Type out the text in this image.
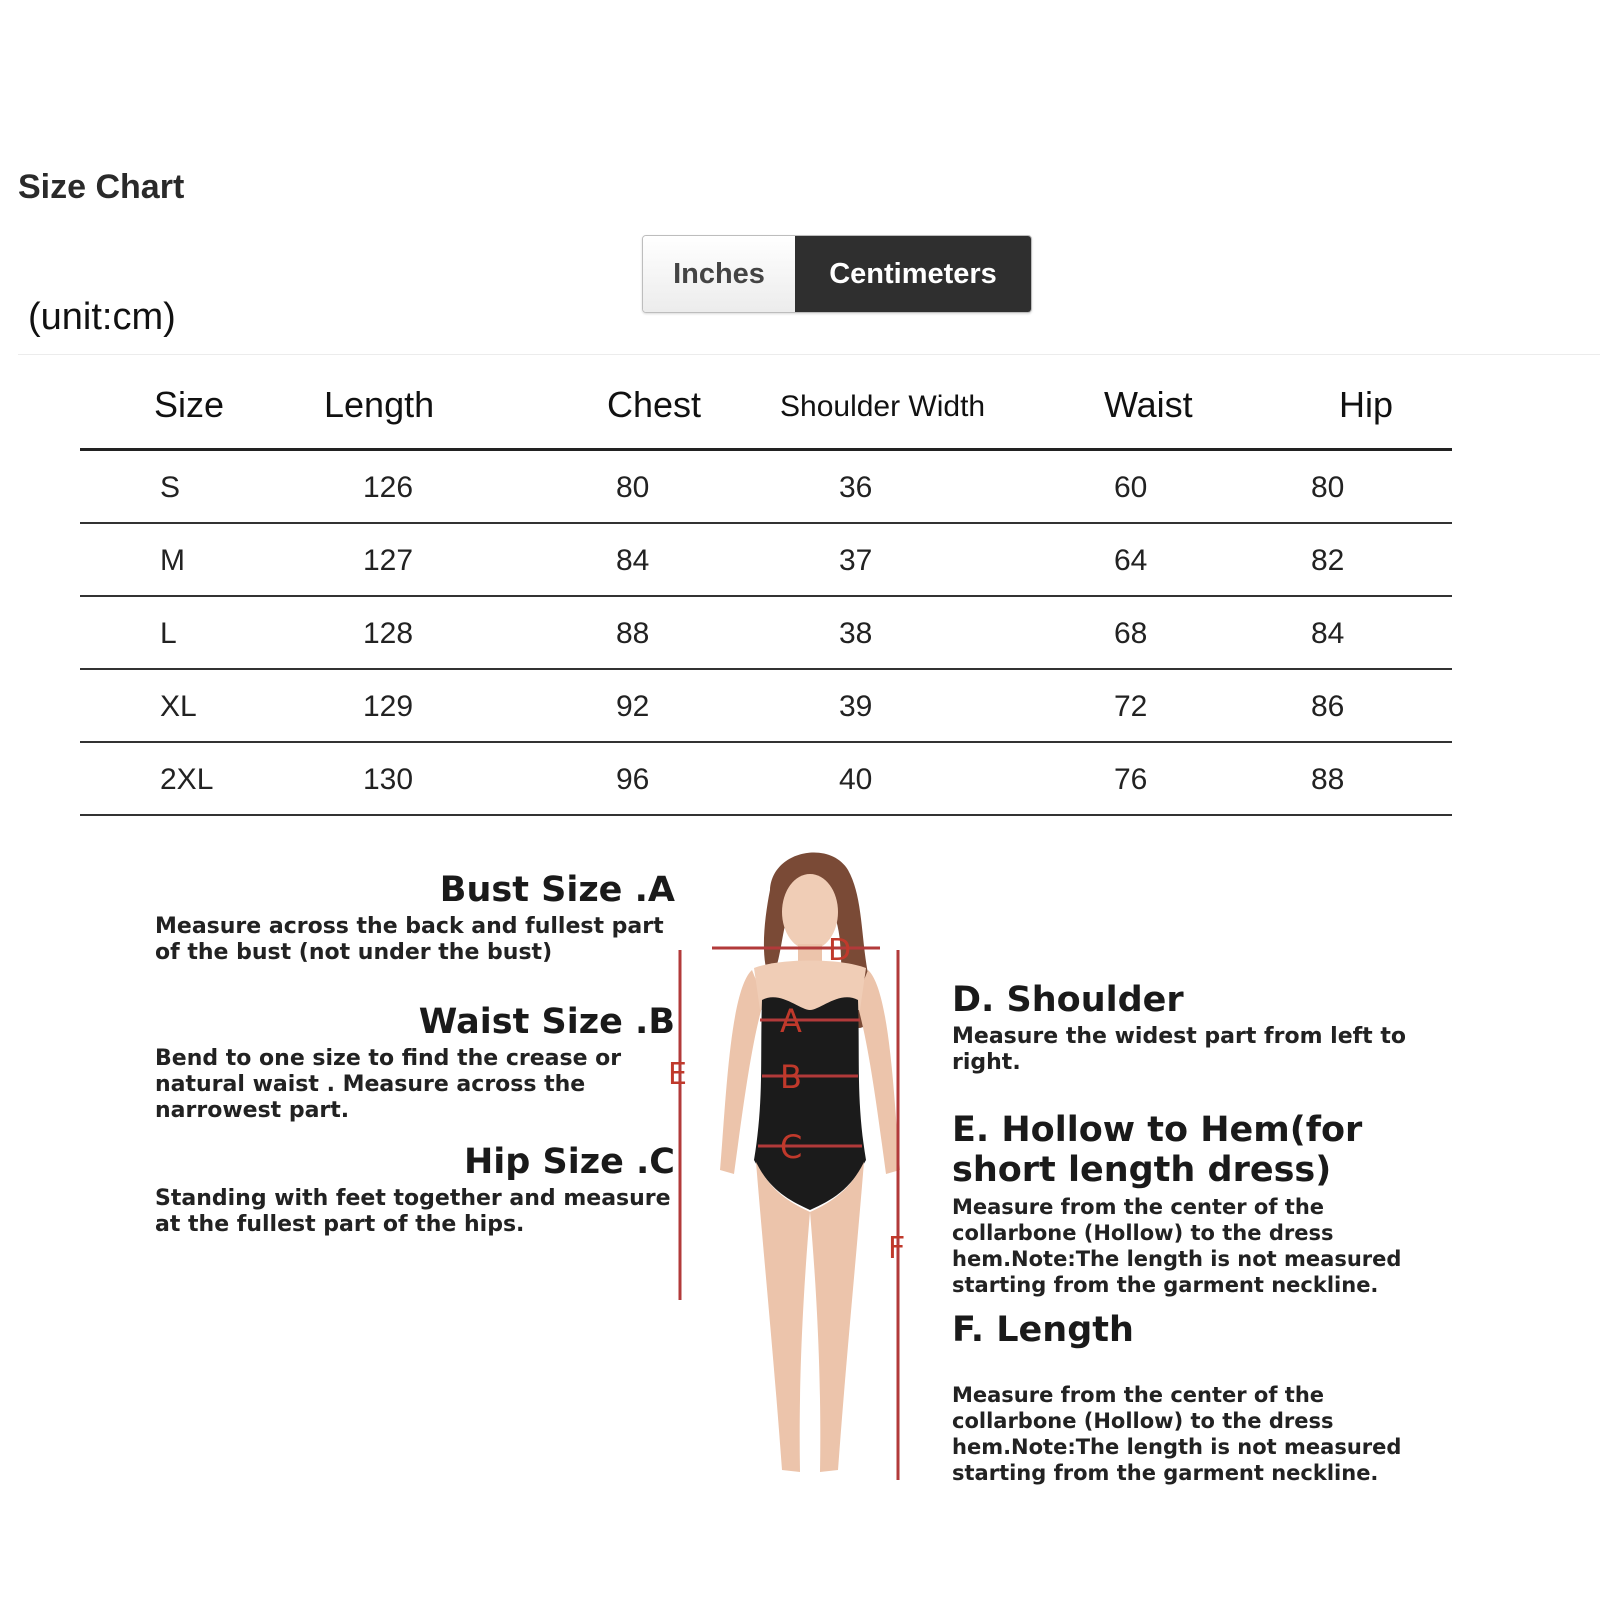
Size Chart
Inches	Centimeters
(unit:cm)
Size	Length	Chest	Shoulder Width	Waist	Hip
S	126	80	36	60	80
M	127	84	37	64	82
L	128	88	38	68	84
XL	129	92	39	72	86
2XL	130	96	40	76	88
Bust Size .A

Measure across the back and fullest part of the bust (not under the bust)

Waist Size .B

Bend to one size to find the crease or natural waist . Measure across the narrowest part.

Hip Size .C

Standing with feet together and measure at the fullest part of the hips.

D. Shoulder

Measure the widest part from left to right.

E. Hollow to Hem(for short length dress)

Measure from the center of the collarbone (Hollow) to the dress hem.Note:The length is not measured starting from the garment neckline.

F. Length

Measure from the center of the collarbone (Hollow) to the dress hem.Note:The length is not measured starting from the garment neckline.

D
A
B
C
E
F
